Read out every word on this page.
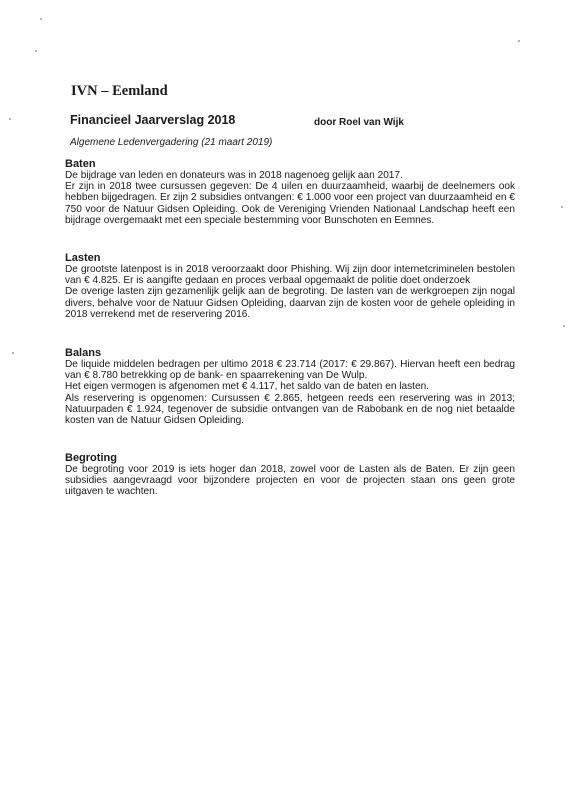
IVN – Eemland
Financieel Jaarverslag 2018	door Roel van Wijk
Algemene Ledenvergadering (21 maart 2019)
Baten

De bijdrage van leden en donateurs was in 2018 nagenoeg gelijk aan 2017.

Er zijn in 2018 twee cursussen gegeven: De 4 uilen en duurzaamheid, waarbij de deelnemers ook hebben bijgedragen. Er zijn 2 subsidies ontvangen: € 1.000 voor een project van duurzaamheid en € 750 voor de Natuur Gidsen Opleiding. Ook de Vereniging Vrienden Nationaal Landschap heeft een bijdrage overgemaakt met een speciale bestemming voor Bunschoten en Eemnes.

Lasten

De grootste latenpost is in 2018 veroorzaakt door Phishing. Wij zijn door internetcriminelen bestolen van € 4.825. Er is aangifte gedaan en proces verbaal opgemaakt de politie doet onderzoek

De overige lasten zijn gezamenlijk gelijk aan de begroting. De lasten van de werkgroepen zijn nogal divers, behalve voor de Natuur Gidsen Opleiding, daarvan zijn de kosten voor de gehele opleiding in 2018 verrekend met de reservering 2016.

Balans

De liquide middelen bedragen per ultimo 2018 € 23.714 (2017: € 29.867). Hiervan heeft een bedrag van € 8.780 betrekking op de bank- en spaarrekening van De Wulp.

Het eigen vermogen is afgenomen met € 4.117, het saldo van de baten en lasten.

Als reservering is opgenomen: Cursussen € 2.865, hetgeen reeds een reservering was in 2013; Natuurpaden € 1.924, tegenover de subsidie ontvangen van de Rabobank en de nog niet betaalde kosten van de Natuur Gidsen Opleiding.

Begroting

De begroting voor 2019 is iets hoger dan 2018, zowel voor de Lasten als de Baten. Er zijn geen subsidies aangevraagd voor bijzondere projecten en voor de projecten staan ons geen grote uitgaven te wachten.
